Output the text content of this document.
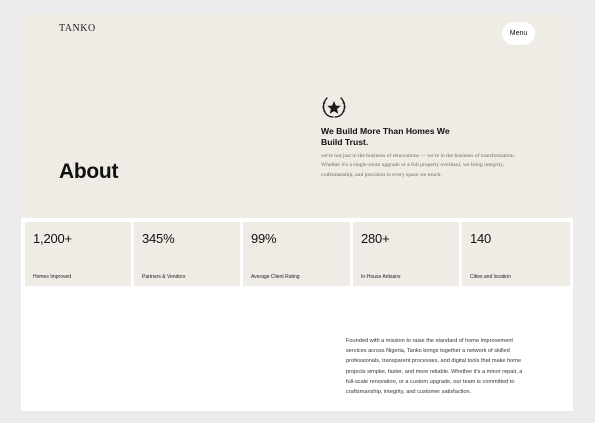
TANKO	Menu
We Build More Than Homes We Build Trust.

we're not just in the business of renovations — we're in the business of transformation. Whether it's a single-room upgrade or a full property overhaul, we bring integrity, craftsmanship, and precision to every space we touch.

About
1,200+
Homes Improved
345%
Partners & Vendors
99%
Average Client Rating
280+
In-House Artisans
140
Cities and location

Founded with a mission to raise the standard of home improvement services across Nigeria, Tanko brings together a network of skilled professionals, transparent processes, and digital tools that make home projects simpler, faster, and more reliable. Whether it's a minor repair, a full-scale renovation, or a custom upgrade, our team is committed to craftsmanship, integrity, and customer satisfaction.
